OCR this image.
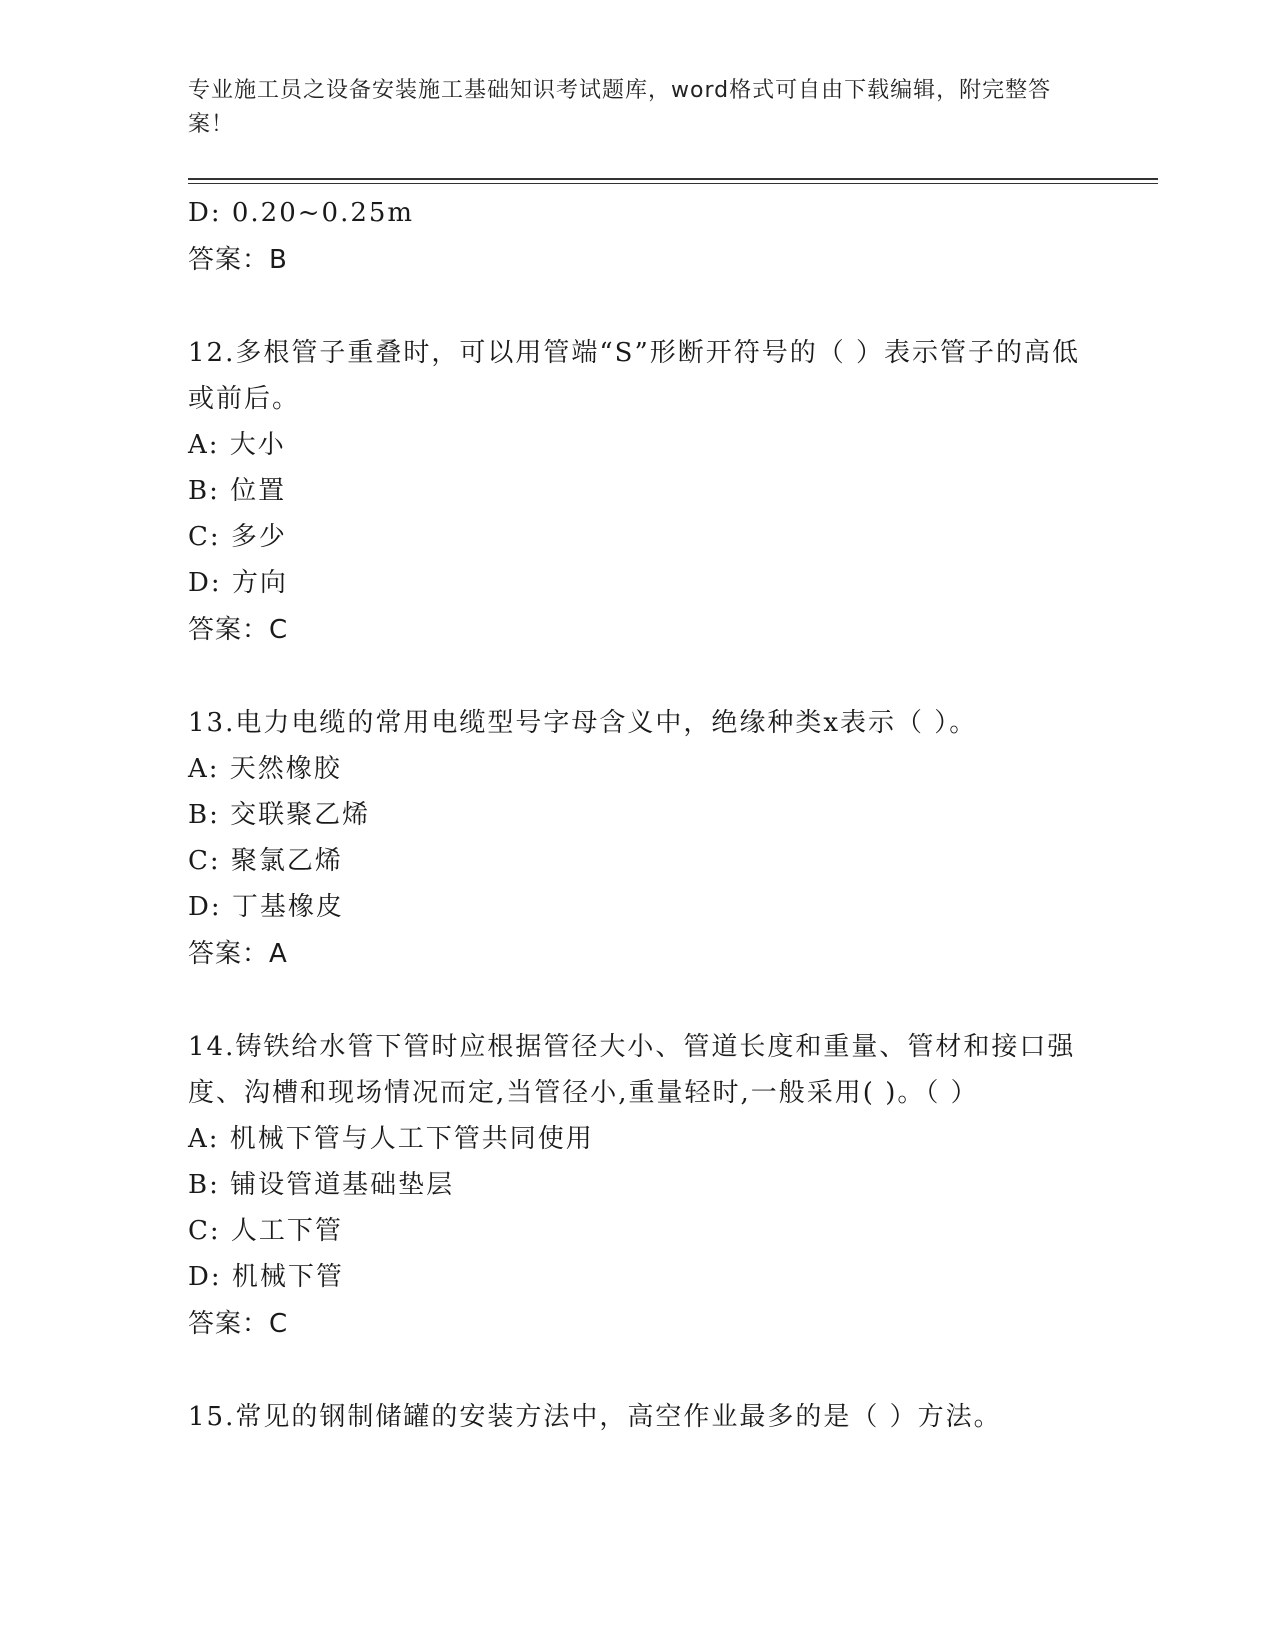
专业施工员之设备安装施工基础知识考试题库，word格式可自由下载编辑，附完整答案！
D: 0.20~0.25m
答案：B
12.多根管子重叠时，可以用管端“S”形断开符号的（ ）表示管子的高低或前后。
A: 大小
B: 位置
C: 多少
D: 方向
答案：C
13.电力电缆的常用电缆型号字母含义中，绝缘种类x表示（ ）。
A: 天然橡胶
B: 交联聚乙烯
C: 聚氯乙烯
D: 丁基橡皮
答案：A
14.铸铁给水管下管时应根据管径大小、管道长度和重量、管材和接口强度、沟槽和现场情况而定,当管径小,重量轻时,一般采用( )。（ ）
A: 机械下管与人工下管共同使用
B: 铺设管道基础垫层
C: 人工下管
D: 机械下管
答案：C
15.常见的钢制储罐的安装方法中，高空作业最多的是（ ）方法。
